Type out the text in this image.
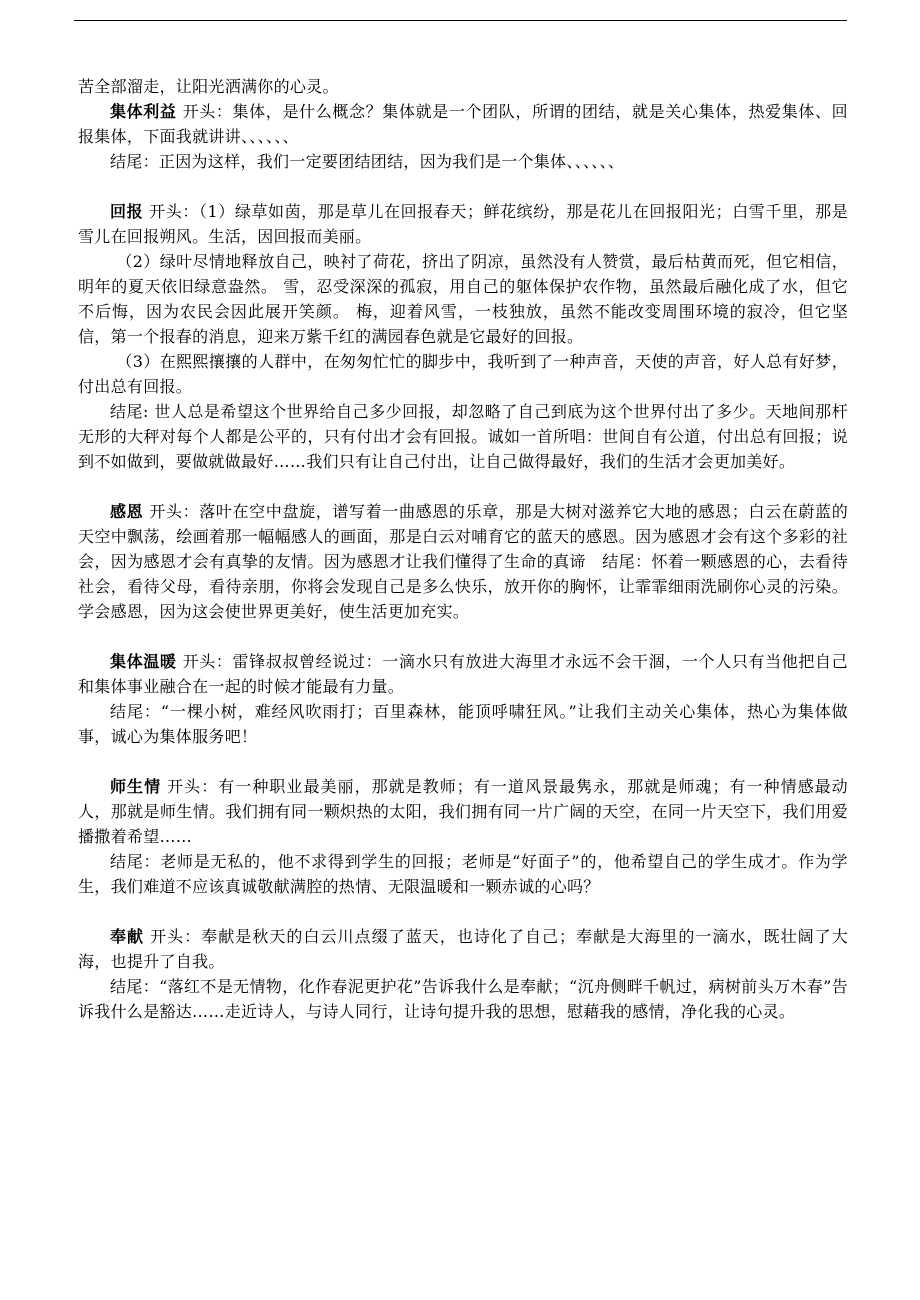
苦全部溜走，让阳光洒满你的心灵。

集体利益 开头：集体，是什么概念？集体就是一个团队，所谓的团结，就是关心集体，热爱集体、回报集体，下面我就讲讲、、、、、、

结尾：正因为这样，我们一定要团结团结，因为我们是一个集体、、、、、、

回报 开头：（1）绿草如茵，那是草儿在回报春天；鲜花缤纷，那是花儿在回报阳光；白雪千里，那是雪儿在回报朔风。生活，因回报而美丽。

（2）绿叶尽情地释放自己，映衬了荷花，挤出了阴凉，虽然没有人赞赏，最后枯黄而死，但它相信，明年的夏天依旧绿意盎然。 雪，忍受深深的孤寂，用自己的躯体保护农作物，虽然最后融化成了水，但它不后悔，因为农民会因此展开笑颜。 梅，迎着风雪，一枝独放，虽然不能改变周围环境的寂冷，但它坚信，第一个报春的消息，迎来万紫千红的满园春色就是它最好的回报。

（3）在熙熙攘攘的人群中，在匆匆忙忙的脚步中，我听到了一种声音，天使的声音，好人总有好梦，付出总有回报。

结尾: 世人总是希望这个世界给自己多少回报，却忽略了自己到底为这个世界付出了多少。天地间那杆无形的大秤对每个人都是公平的，只有付出才会有回报。诚如一首所唱：世间自有公道，付出总有回报；说到不如做到，要做就做最好……我们只有让自己付出，让自己做得最好，我们的生活才会更加美好。

感恩 开头：落叶在空中盘旋，谱写着一曲感恩的乐章，那是大树对滋养它大地的感恩；白云在蔚蓝的天空中飘荡，绘画着那一幅幅感人的画面，那是白云对哺育它的蓝天的感恩。因为感恩才会有这个多彩的社会，因为感恩才会有真挚的友情。因为感恩才让我们懂得了生命的真谛　结尾：怀着一颗感恩的心，去看待社会，看待父母，看待亲朋，你将会发现自己是多么快乐，放开你的胸怀，让霏霏细雨洗刷你心灵的污染。学会感恩，因为这会使世界更美好，使生活更加充实。

集体温暖 开头：雷锋叔叔曾经说过：一滴水只有放进大海里才永远不会干涸，一个人只有当他把自己和集体事业融合在一起的时候才能最有力量。

结尾：“一棵小树，难经风吹雨打；百里森林，能顶呼啸狂风。”让我们主动关心集体，热心为集体做事，诚心为集体服务吧！

师生情 开头：有一种职业最美丽，那就是教师；有一道风景最隽永，那就是师魂；有一种情感最动人，那就是师生情。我们拥有同一颗炽热的太阳，我们拥有同一片广阔的天空，在同一片天空下，我们用爱播撒着希望……

结尾：老师是无私的，他不求得到学生的回报；老师是“好面子”的，他希望自己的学生成才。作为学生，我们难道不应该真诚敬献满腔的热情、无限温暖和一颗赤诚的心吗？

奉献 开头：奉献是秋天的白云川点缀了蓝天，也诗化了自己；奉献是大海里的一滴水，既壮阔了大海，也提升了自我。

结尾：“落红不是无情物，化作春泥更护花”告诉我什么是奉献；“沉舟侧畔千帆过，病树前头万木春”告诉我什么是豁达……走近诗人，与诗人同行，让诗句提升我的思想，慰藉我的感情，净化我的心灵。
